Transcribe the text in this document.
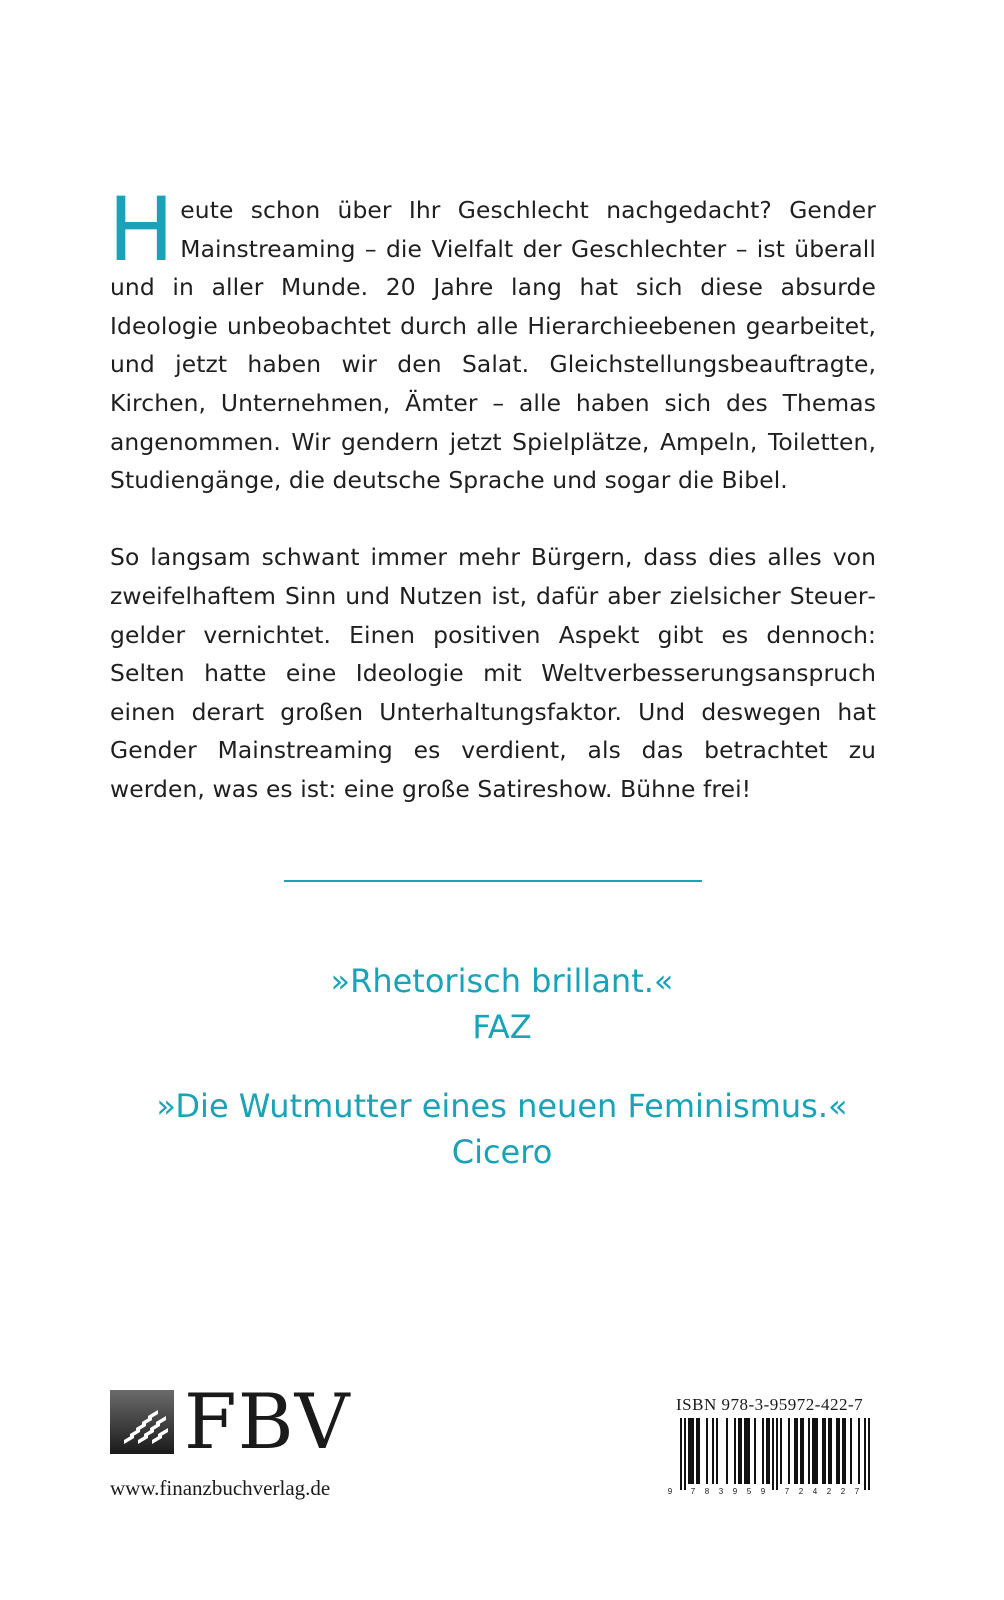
Heute schon über Ihr Geschlecht nachgedacht? Gender Mainstreaming – die Vielfalt der Geschlechter – ist überall und in aller Munde. 20 Jahre lang hat sich diese absurde Ideologie unbeobachtet durch alle Hierarchieebenen gearbeitet, und jetzt haben wir den Salat. Gleichstellungsbeauftragte, Kirchen, Unternehmen, Ämter – alle haben sich des Themas angenommen. Wir gendern jetzt Spielplätze, Ampeln, Toiletten, Studiengänge, die deutsche Sprache und sogar die Bibel.

So langsam schwant immer mehr Bürgern, dass dies alles von zweifelhaftem Sinn und Nutzen ist, dafür aber zielsicher Steuergelder vernichtet. Einen positiven Aspekt gibt es dennoch: Selten hatte eine Ideologie mit Weltverbesserungsanspruch einen derart großen Unterhaltungsfaktor. Und deswegen hat Gender Mainstreaming es verdient, als das betrachtet zu werden, was es ist: eine große Satireshow. Bühne frei!

»Rhetorisch brillant.«
FAZ
»Die Wutmutter eines neuen Feminismus.«
Cicero
FBV
www.finanzbuchverlag.de
ISBN 978-3-95972-422-7
9 7 8 3 9 5 9 7 2 4 2 2 7
